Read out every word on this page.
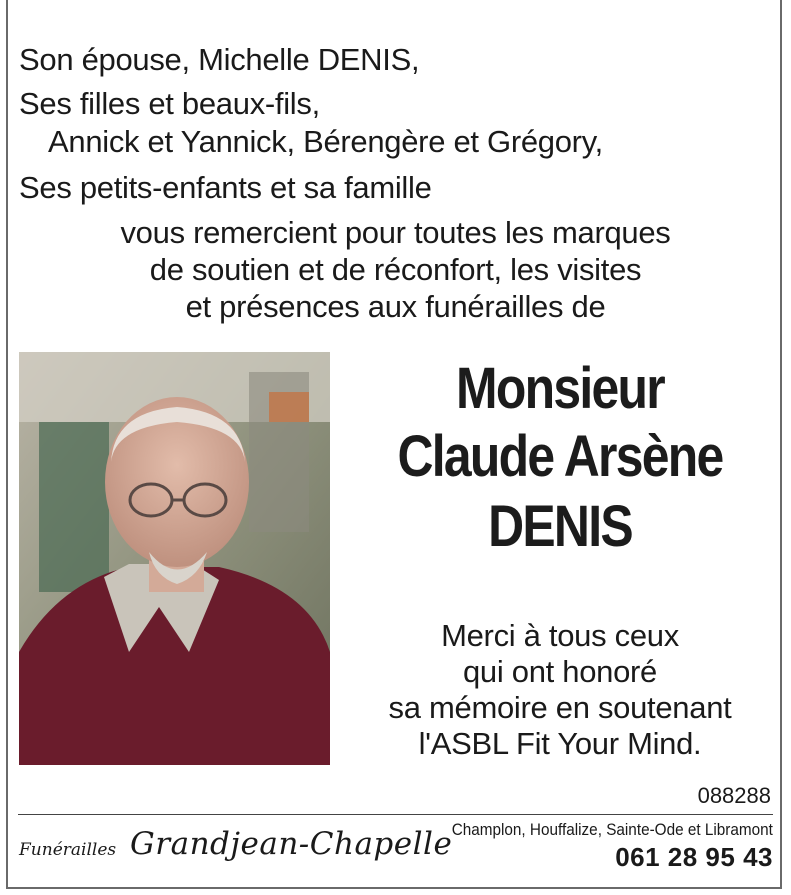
Son épouse, Michelle DENIS,
Ses filles et beaux-fils,
Annick et Yannick, Bérengère et Grégory,
Ses petits-enfants et sa famille
vous remercient pour toutes les marques
de soutien et de réconfort, les visites
et présences aux funérailles de
Monsieur
Claude Arsène
DENIS
Merci à tous ceux
qui ont honoré
sa mémoire en soutenant
l'ASBL Fit Your Mind.
088288
Funérailles Grandjean-Chapelle Champlon, Houffalize, Sainte-Ode et Libramont
061 28 95 43
